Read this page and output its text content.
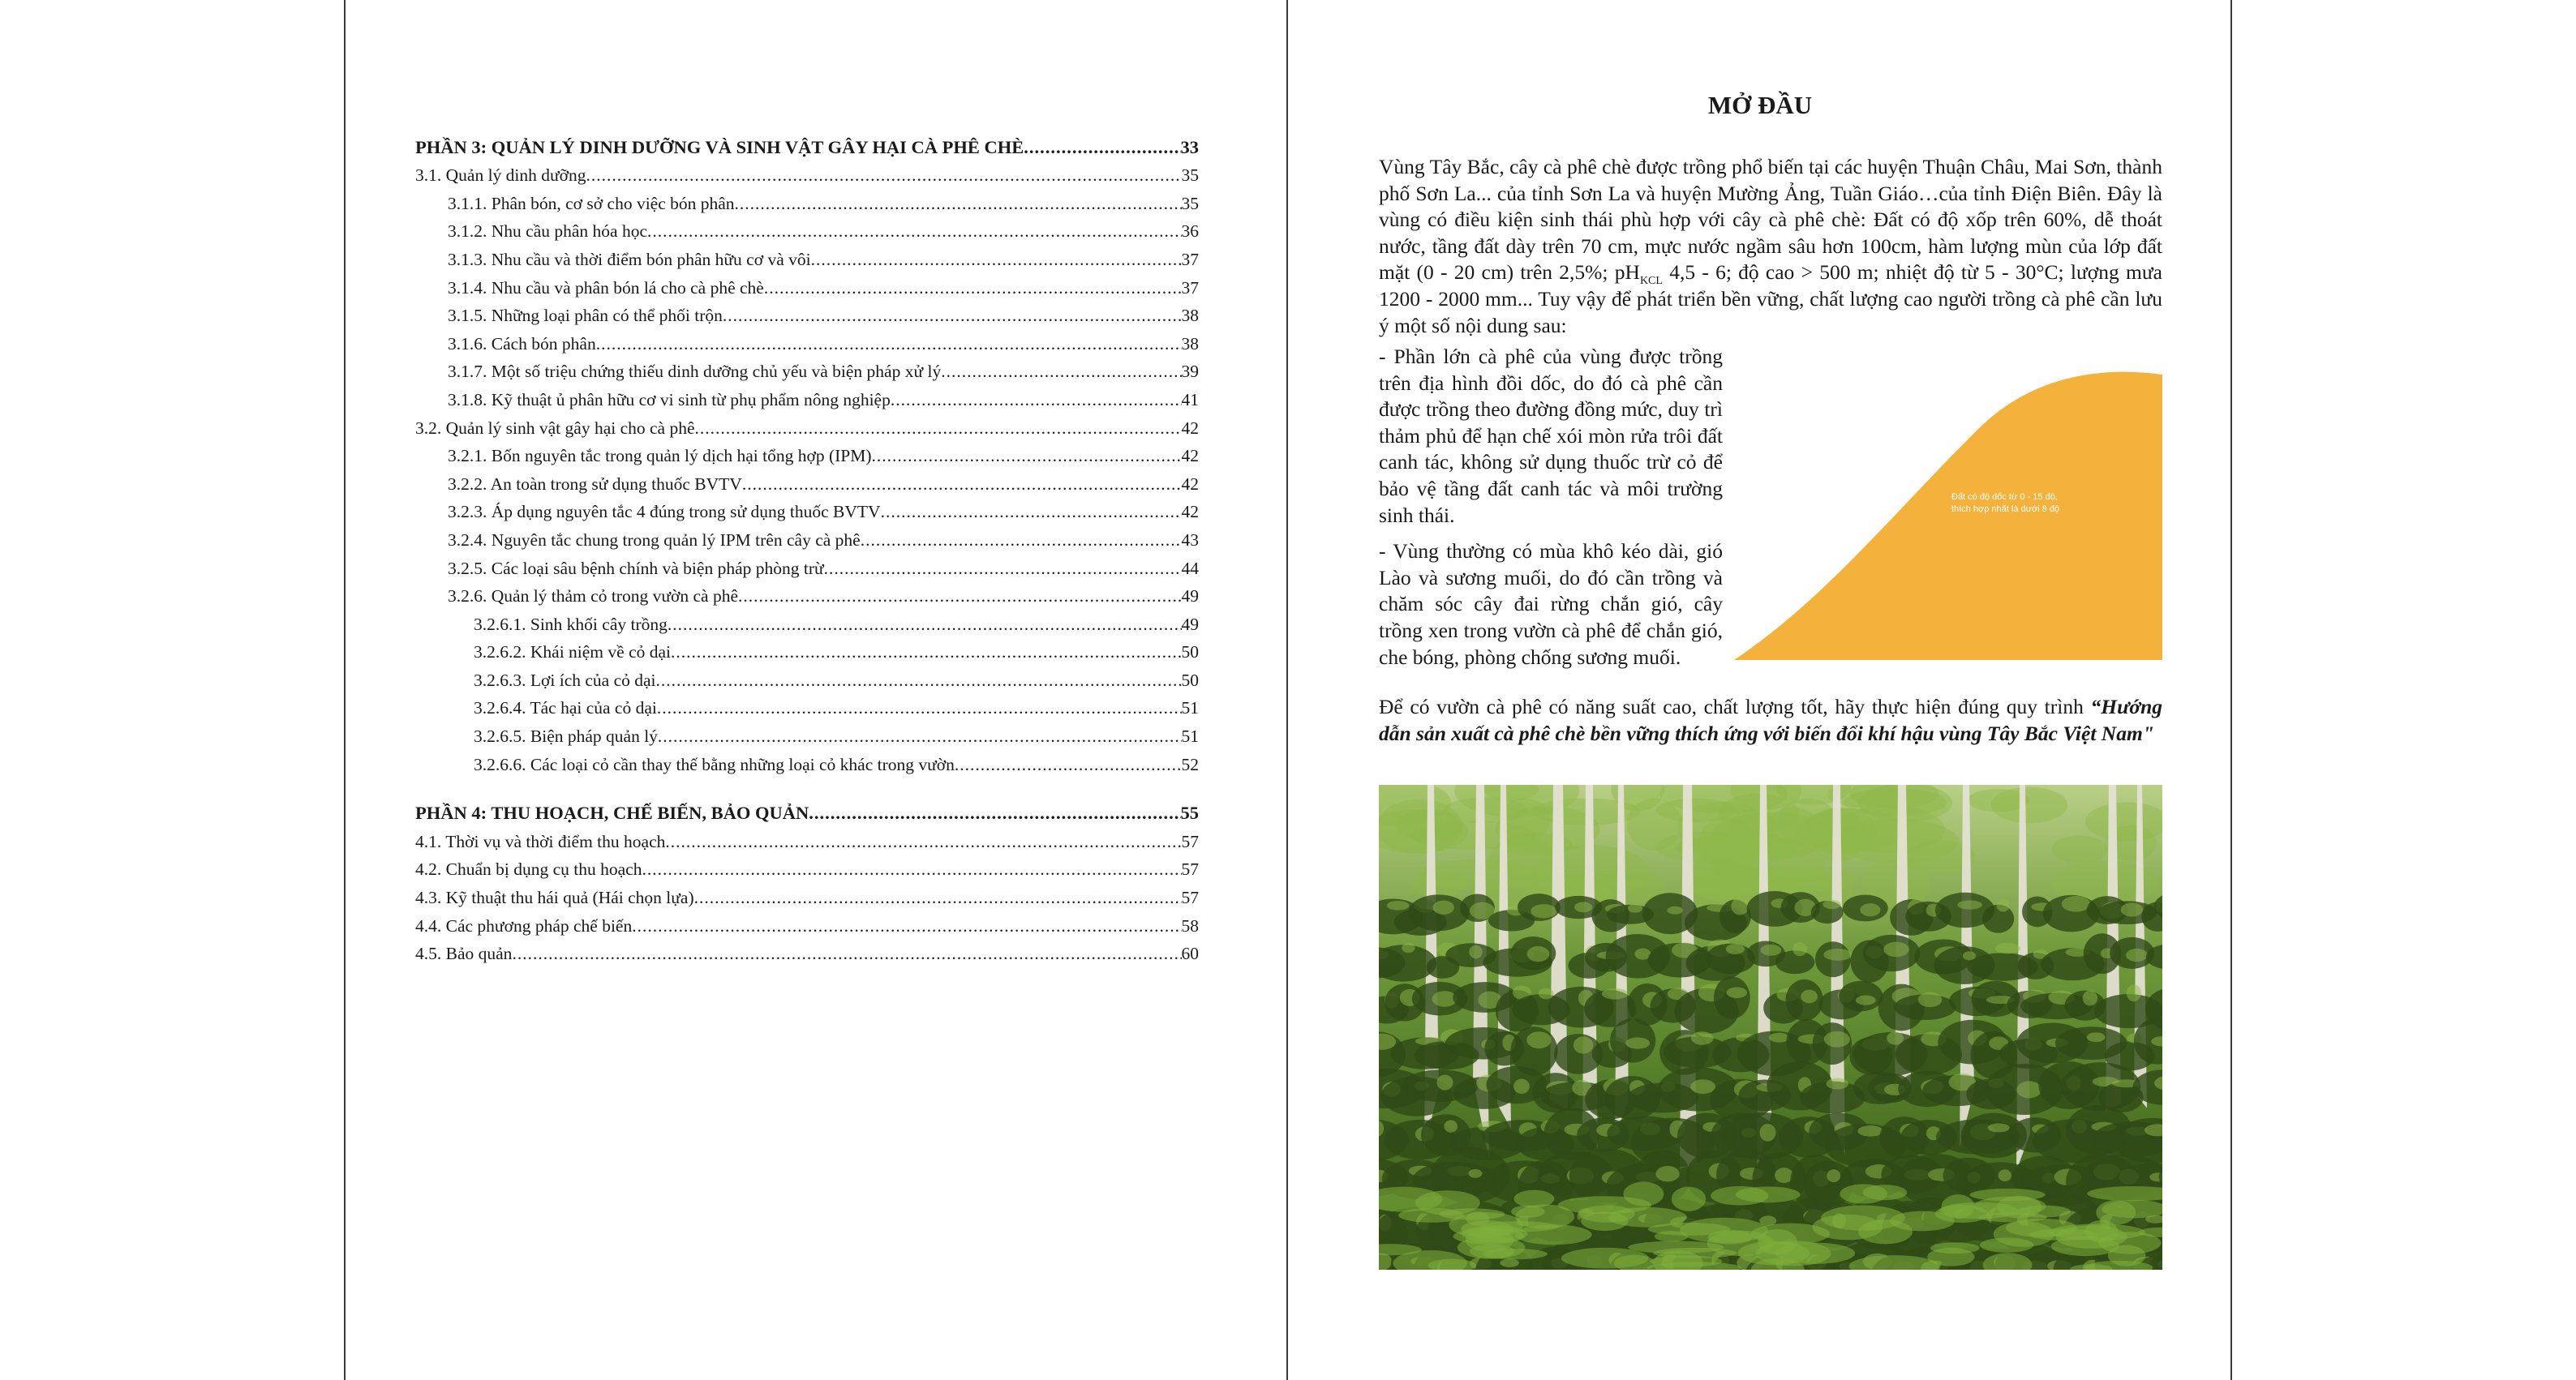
PHẦN 3: QUẢN LÝ DINH DƯỠNG VÀ SINH VẬT GÂY HẠI CÀ PHÊ CHÈ .....	33
3.1. Quản lý dinh dưỡng .....	35
3.1.1. Phân bón, cơ sở cho việc bón phân .....	35
3.1.2. Nhu cầu phân hóa học .....	36
3.1.3. Nhu cầu và thời điểm bón phân hữu cơ và vôi .....	37
3.1.4. Nhu cầu và phân bón lá cho cà phê chè .....	37
3.1.5. Những loại phân có thể phối trộn .....	38
3.1.6. Cách bón phân .....	38
3.1.7. Một số triệu chứng thiếu dinh dưỡng chủ yếu và biện pháp xử lý .....	39
3.1.8. Kỹ thuật ủ phân hữu cơ vi sinh từ phụ phẩm nông nghiệp .....	41
3.2. Quản lý sinh vật gây hại cho cà phê .....	42
3.2.1. Bốn nguyên tắc trong quản lý dịch hại tổng hợp (IPM) .....	42
3.2.2. An toàn trong sử dụng thuốc BVTV .....	42
3.2.3. Áp dụng nguyên tắc 4 đúng trong sử dụng thuốc BVTV .....	42
3.2.4. Nguyên tắc chung trong quản lý IPM trên cây cà phê .....	43
3.2.5. Các loại sâu bệnh chính và biện pháp phòng trừ .....	44
3.2.6. Quản lý thảm cỏ trong vườn cà phê .....	49
3.2.6.1. Sinh khối cây trồng .....	49
3.2.6.2. Khái niệm về cỏ dại .....	50
3.2.6.3. Lợi ích của cỏ dại .....	50
3.2.6.4. Tác hại của cỏ dại .....	51
3.2.6.5. Biện pháp quản lý .....	51
3.2.6.6. Các loại cỏ cần thay thế bằng những loại cỏ khác trong vườn .....	52
PHẦN 4: THU HOẠCH, CHẾ BIẾN, BẢO QUẢN .....	55
4.1. Thời vụ và thời điểm thu hoạch .....	57
4.2. Chuẩn bị dụng cụ thu hoạch .....	57
4.3. Kỹ thuật thu hái quả (Hái chọn lựa) .....	57
4.4. Các phương pháp chế biến .....	58
4.5. Bảo quản .....	60
MỞ ĐẦU
Vùng Tây Bắc, cây cà phê chè được trồng phổ biến tại các huyện Thuận Châu, Mai Sơn, thành phố Sơn La... của tỉnh Sơn La và huyện Mường Ảng, Tuần Giáo…của tỉnh Điện Biên. Đây là vùng có điều kiện sinh thái phù hợp với cây cà phê chè: Đất có độ xốp trên 60%, dễ thoát nước, tầng đất dày trên 70 cm, mực nước ngầm sâu hơn 100cm, hàm lượng mùn của lớp đất mặt (0 - 20 cm) trên 2,5%; $pH_{KCL}$ 4,5 - 6; độ cao > 500 m; nhiệt độ từ 5 - 30°C; lượng mưa 1200 - 2000 mm... Tuy vậy để phát triển bền vững, chất lượng cao người trồng cà phê cần lưu ý một số nội dung sau:

- Phần lớn cà phê của vùng được trồng trên địa hình đồi dốc, do đó cà phê cần được trồng theo đường đồng mức, duy trì thảm phủ để hạn chế xói mòn rửa trôi đất canh tác, không sử dụng thuốc trừ cỏ để bảo vệ tầng đất canh tác và môi trường sinh thái.

- Vùng thường có mùa khô kéo dài, gió Lào và sương muối, do đó cần trồng và chăm sóc cây đai rừng chắn gió, cây trồng xen trong vườn cà phê để chắn gió, che bóng, phòng chống sương muối.

Đất có độ dốc từ 0 - 15 độ, thích hợp nhất là dưới 8 độ
Để có vườn cà phê có năng suất cao, chất lượng tốt, hãy thực hiện đúng quy trình “Hướng dẫn sản xuất cà phê chè bền vững thích ứng với biến đổi khí hậu vùng Tây Bắc Việt Nam"
